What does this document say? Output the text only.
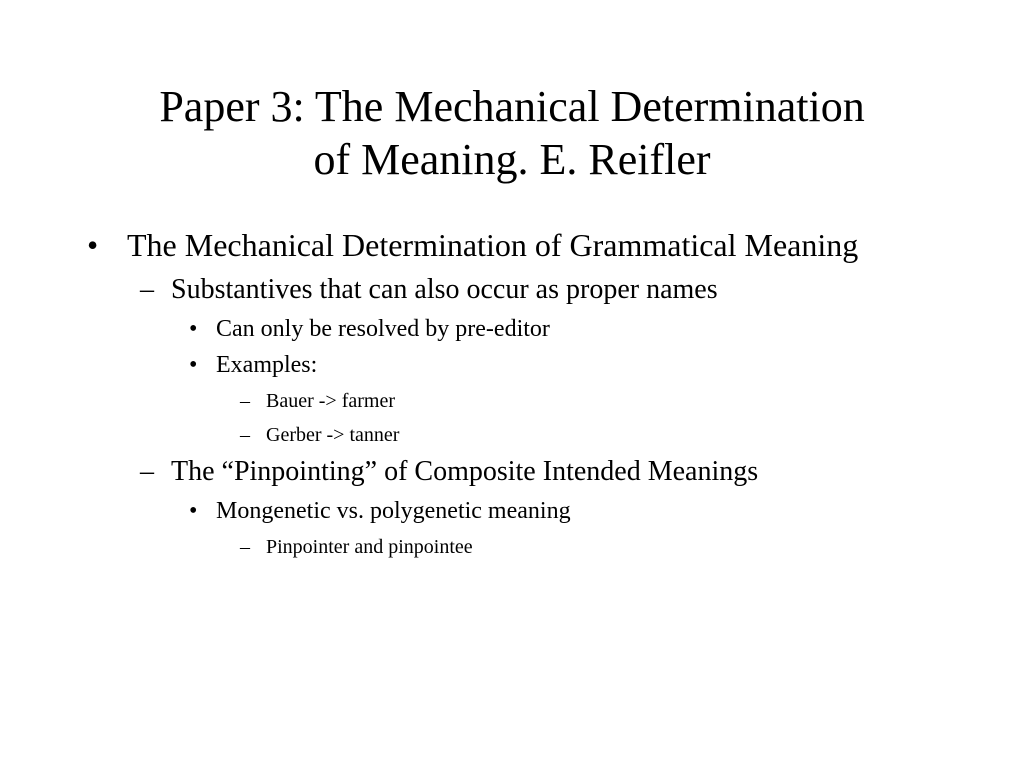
Paper 3: The Mechanical Determination
of Meaning. E. Reifler
• The Mechanical Determination of Grammatical Meaning
– Substantives that can also occur as proper names
• Can only be resolved by pre-editor
• Examples:
– Bauer -> farmer
– Gerber -> tanner
– The “Pinpointing” of Composite Intended Meanings
• Mongenetic vs. polygenetic meaning
– Pinpointer and pinpointee
